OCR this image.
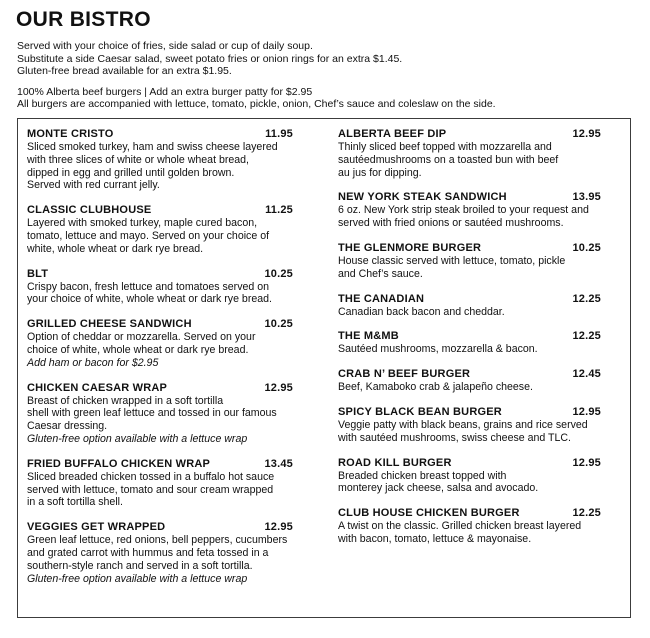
OUR BISTRO
Served with your choice of fries, side salad or cup of daily soup.
Substitute a side Caesar salad, sweet potato fries or onion rings for an extra $1.45.
Gluten-free bread available for an extra $1.95.
100% Alberta beef burgers | Add an extra burger patty for $2.95
All burgers are accompanied with lettuce, tomato, pickle, onion, Chef’s sauce and coleslaw on the side.
MONTE CRISTO	11.95
Sliced smoked turkey, ham and swiss cheese layered
with three slices of white or whole wheat bread,
dipped in egg and grilled until golden brown.
Served with red currant jelly.
CLASSIC CLUBHOUSE	11.25
Layered with smoked turkey, maple cured bacon,
tomato, lettuce and mayo. Served on your choice of
white, whole wheat or dark rye bread.
BLT	10.25
Crispy bacon, fresh lettuce and tomatoes served on
your choice of white, whole wheat or dark rye bread.
GRILLED CHEESE SANDWICH	10.25
Option of cheddar or mozzarella. Served on your
choice of white, whole wheat or dark rye bread.
Add ham or bacon for $2.95
CHICKEN CAESAR WRAP	12.95
Breast of chicken wrapped in a soft tortilla
shell with green leaf lettuce and tossed in our famous
Caesar dressing.
Gluten-free option available with a lettuce wrap
FRIED BUFFALO CHICKEN WRAP	13.45
Sliced breaded chicken tossed in a buffalo hot sauce
served with lettuce, tomato and sour cream wrapped
in a soft tortilla shell.
VEGGIES GET WRAPPED	12.95
Green leaf lettuce, red onions, bell peppers, cucumbers
and grated carrot with hummus and feta tossed in a
southern-style ranch and served in a soft tortilla.
Gluten-free option available with a lettuce wrap
ALBERTA BEEF DIP	12.95
Thinly sliced beef topped with mozzarella and
sautéedmushrooms on a toasted bun with beef
au jus for dipping.
NEW YORK STEAK SANDWICH	13.95
6 oz. New York strip steak broiled to your request and
served with fried onions or sautéed mushrooms.
THE GLENMORE BURGER	10.25
House classic served with lettuce, tomato, pickle
and Chef’s sauce.
THE CANADIAN	12.25
Canadian back bacon and cheddar.
THE M&MB	12.25
Sautéed mushrooms, mozzarella & bacon.
CRAB N’ BEEF BURGER	12.45
Beef, Kamaboko crab & jalapeño cheese.
SPICY BLACK BEAN BURGER	12.95
Veggie patty with black beans, grains and rice served
with sautéed mushrooms, swiss cheese and TLC.
ROAD KILL BURGER	12.95
Breaded chicken breast topped with
monterey jack cheese, salsa and avocado.
CLUB HOUSE CHICKEN BURGER	12.25
A twist on the classic. Grilled chicken breast layered
with bacon, tomato, lettuce & mayonaise.
